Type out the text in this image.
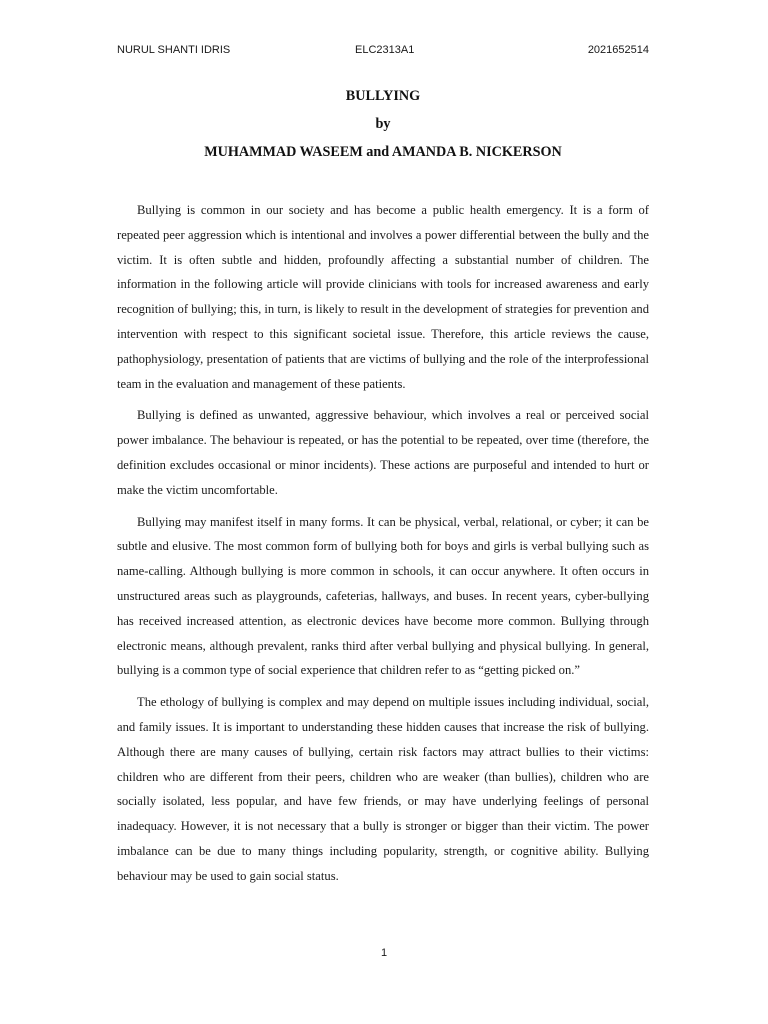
NURUL SHANTI IDRIS	ELC2313A1	2021652514
BULLYING
by
MUHAMMAD WASEEM and AMANDA B. NICKERSON

Bullying is common in our society and has become a public health emergency. It is a form of repeated peer aggression which is intentional and involves a power differential between the bully and the victim. It is often subtle and hidden, profoundly affecting a substantial number of children. The information in the following article will provide clinicians with tools for increased awareness and early recognition of bullying; this, in turn, is likely to result in the development of strategies for prevention and intervention with respect to this significant societal issue. Therefore, this article reviews the cause, pathophysiology, presentation of patients that are victims of bullying and the role of the interprofessional team in the evaluation and management of these patients.

Bullying is defined as unwanted, aggressive behaviour, which involves a real or perceived social power imbalance. The behaviour is repeated, or has the potential to be repeated, over time (therefore, the definition excludes occasional or minor incidents). These actions are purposeful and intended to hurt or make the victim uncomfortable.

Bullying may manifest itself in many forms. It can be physical, verbal, relational, or cyber; it can be subtle and elusive. The most common form of bullying both for boys and girls is verbal bullying such as name-calling. Although bullying is more common in schools, it can occur anywhere. It often occurs in unstructured areas such as playgrounds, cafeterias, hallways, and buses. In recent years, cyber-bullying has received increased attention, as electronic devices have become more common. Bullying through electronic means, although prevalent, ranks third after verbal bullying and physical bullying. In general, bullying is a common type of social experience that children refer to as “getting picked on.”

The ethology of bullying is complex and may depend on multiple issues including individual, social, and family issues. It is important to understanding these hidden causes that increase the risk of bullying. Although there are many causes of bullying, certain risk factors may attract bullies to their victims: children who are different from their peers, children who are weaker (than bullies), children who are socially isolated, less popular, and have few friends, or may have underlying feelings of personal inadequacy. However, it is not necessary that a bully is stronger or bigger than their victim. The power imbalance can be due to many things including popularity, strength, or cognitive ability. Bullying behaviour may be used to gain social status.

1
